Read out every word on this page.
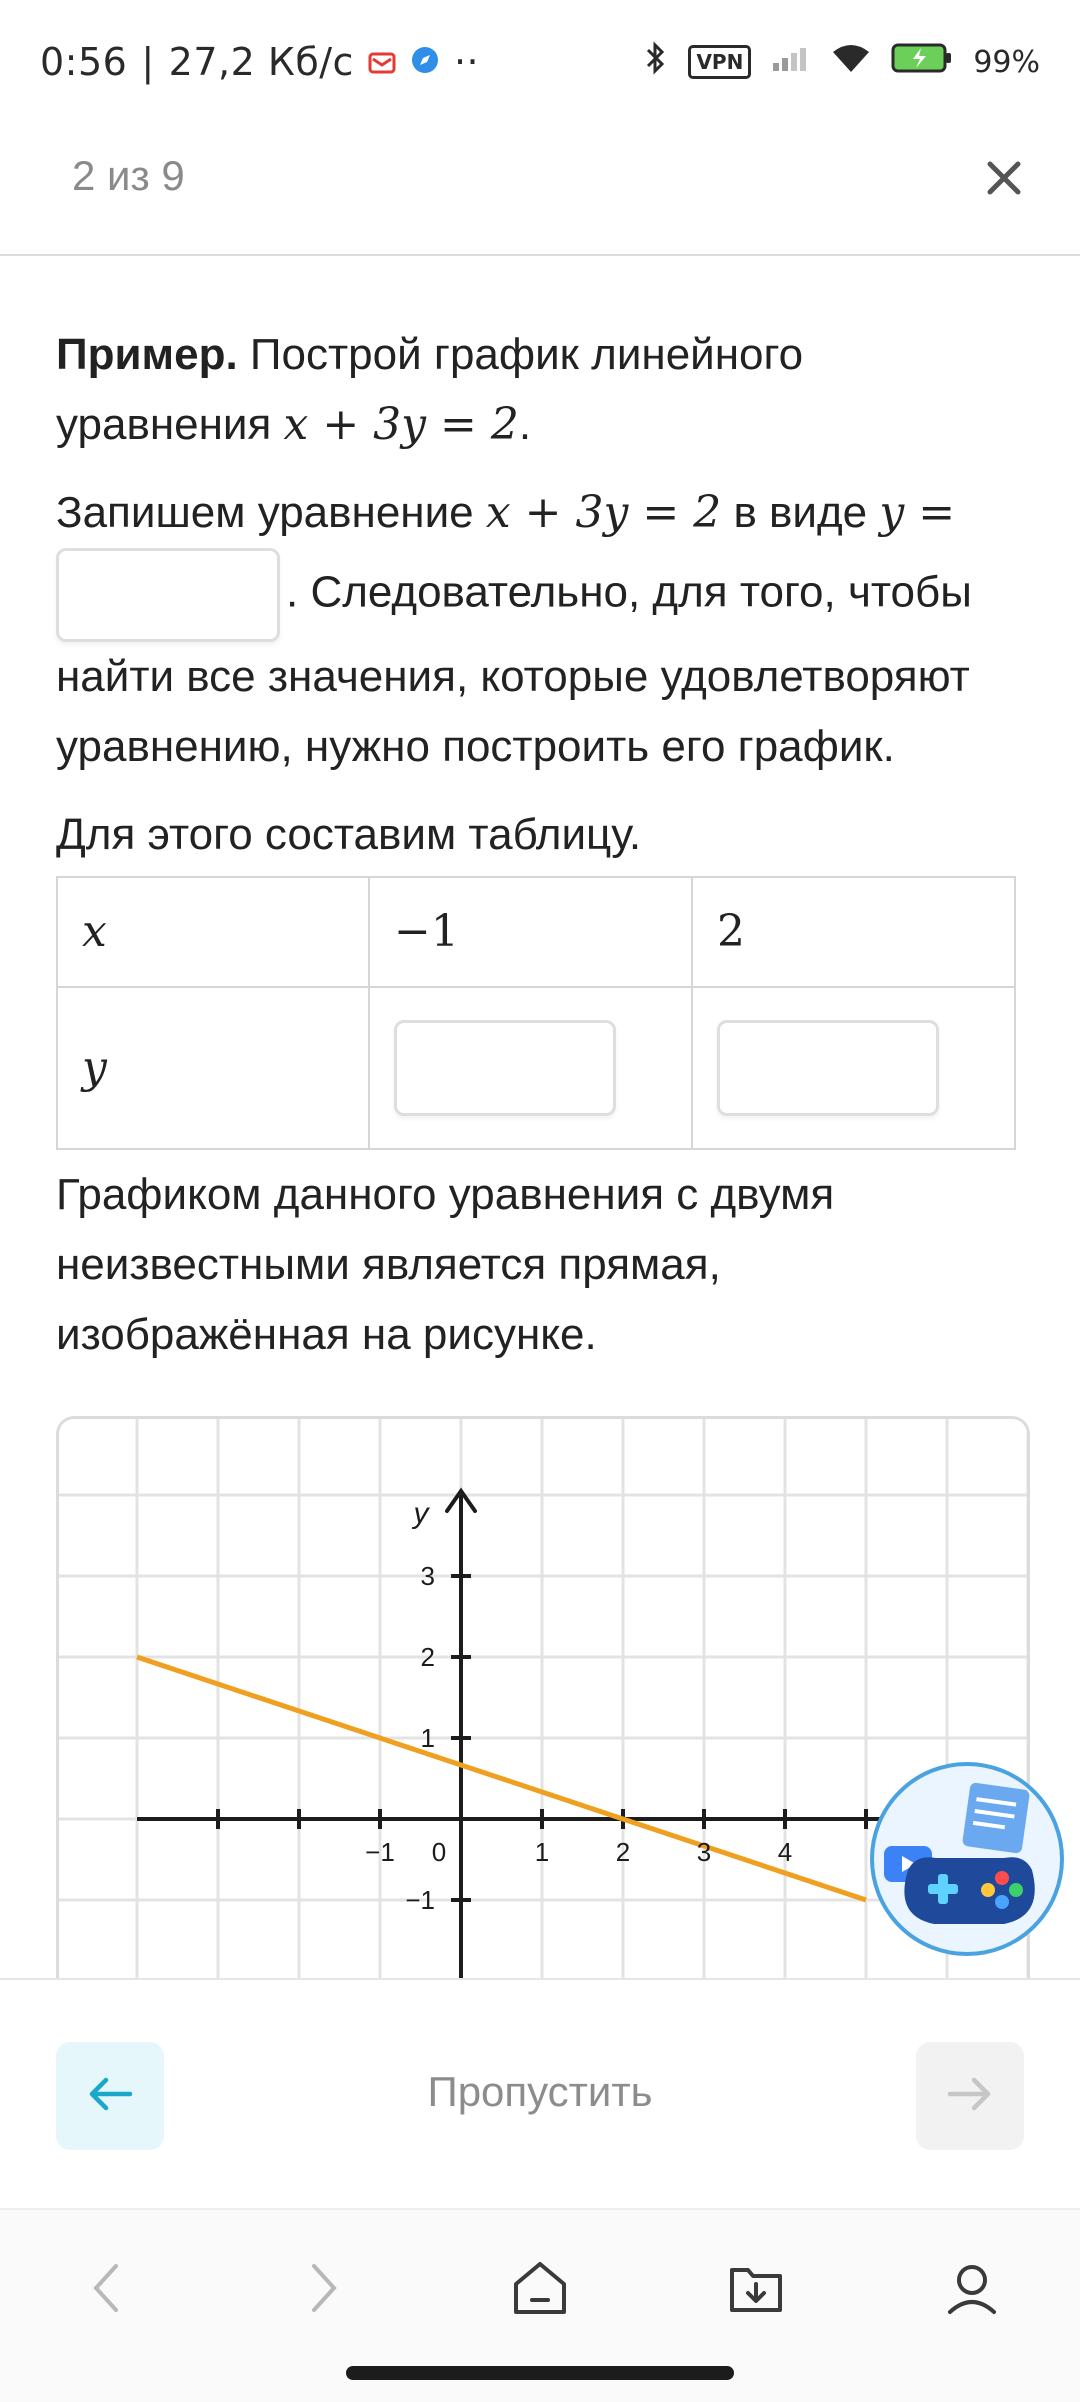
0:56 | 27,2 Кб/с	··	VPN	99%
2 из 9

Пример. Построй график линейного уравнения x + 3y = 2.

Запишем уравнение x + 3y = 2 в виде y = . Следовательно, для того, чтобы найти все значения, которые удовлетворяют уравнению, нужно построить его график.

Для этого составим таблицу.

x	−1	2
y	

Графиком данного уравнения с двумя неизвестными является прямая, изображённая на рисунке.

−1 0	1	2	3	4
3
2
1
−1
y
Пропустить
